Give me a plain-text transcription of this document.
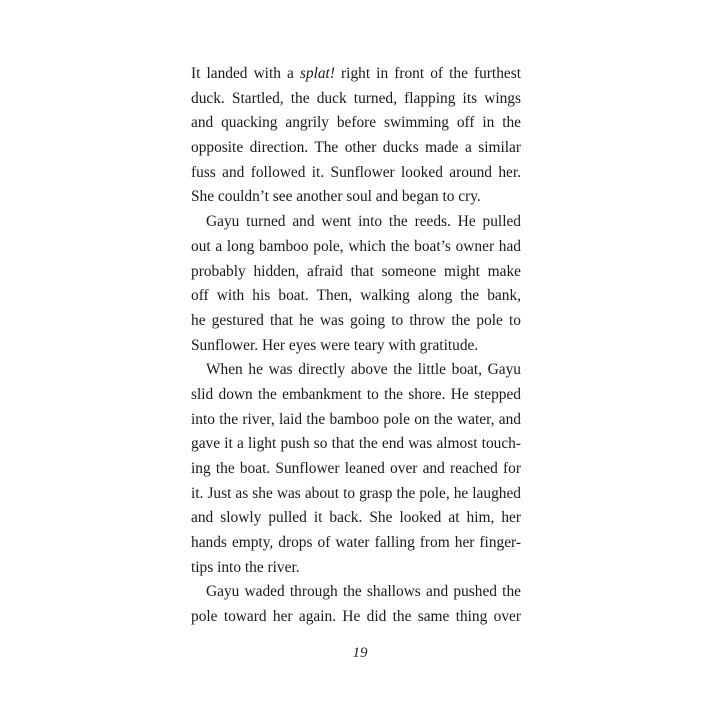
It landed with a splat! right in front of the furthest
duck. Startled, the duck turned, flapping its wings
and quacking angrily before swimming off in the
opposite direction. The other ducks made a similar
fuss and followed it. Sunflower looked around her.
She couldn’t see another soul and began to cry.
Gayu turned and went into the reeds. He pulled
out a long bamboo pole, which the boat’s owner had
probably hidden, afraid that someone might make
off with his boat. Then, walking along the bank,
he gestured that he was going to throw the pole to
Sunflower. Her eyes were teary with gratitude.
When he was directly above the little boat, Gayu
slid down the embankment to the shore. He stepped
into the river, laid the bamboo pole on the water, and
gave it a light push so that the end was almost touch-
ing the boat. Sunflower leaned over and reached for
it. Just as she was about to grasp the pole, he laughed
and slowly pulled it back. She looked at him, her
hands empty, drops of water falling from her finger-
tips into the river.
Gayu waded through the shallows and pushed the
pole toward her again. He did the same thing over
19
